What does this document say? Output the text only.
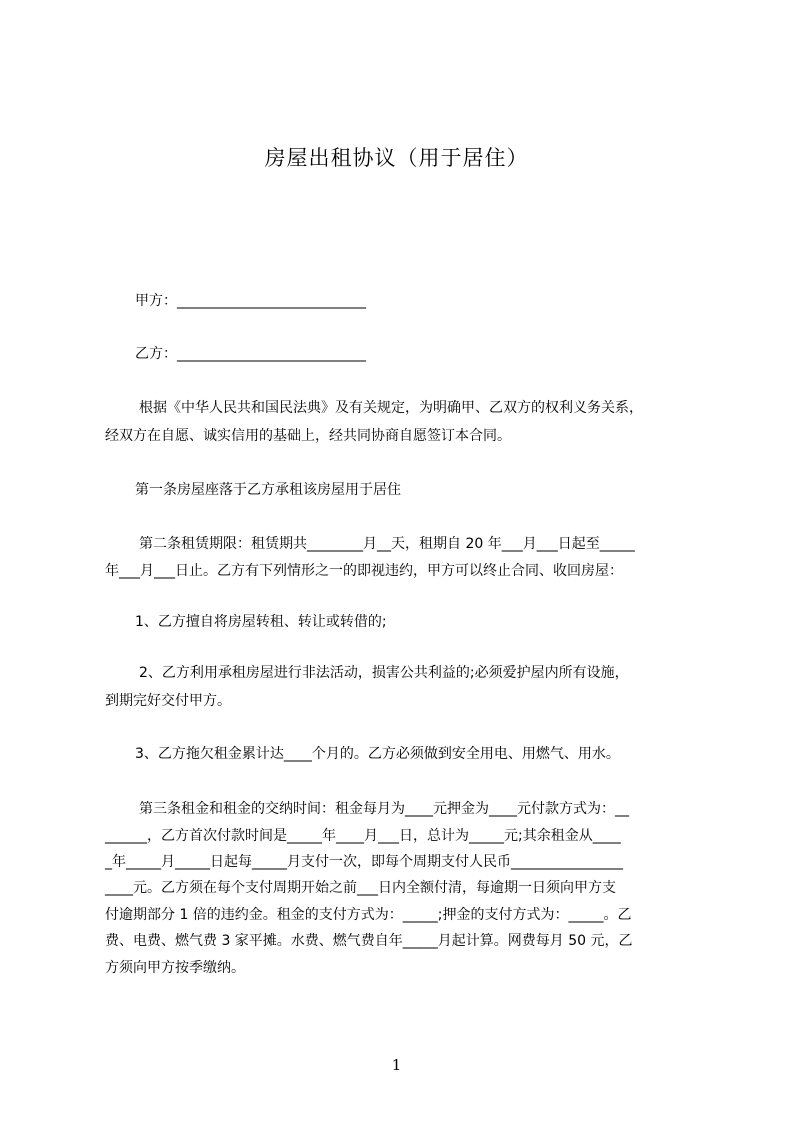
房屋出租协议（用于居住）
甲方：___________________________
乙方：___________________________
根据《中华人民共和国民法典》及有关规定，为明确甲、乙双方的权利义务关系，
经双方在自愿、诚实信用的基础上，经共同协商自愿签订本合同。
第一条房屋座落于乙方承租该房屋用于居住
第二条租赁期限：租赁期共________月__天，租期自 20 年___月___日起至_____
年___月___日止。乙方有下列情形之一的即视违约，甲方可以终止合同、收回房屋：
1、乙方擅自将房屋转租、转让或转借的;
2、乙方利用承租房屋进行非法活动，损害公共利益的;必须爱护屋内所有设施，
到期完好交付甲方。
3、乙方拖欠租金累计达____个月的。乙方必须做到安全用电、用燃气、用水。
第三条租金和租金的交纳时间：租金每月为____元押金为____元付款方式为：__
______，乙方首次付款时间是_____年____月___日，总计为_____元;其余租金从____
_年_____月_____日起每_____月支付一次，即每个周期支付人民币________________
____元。乙方须在每个支付周期开始之前___日内全额付清，每逾期一日须向甲方支
付逾期部分 1 倍的违约金。租金的支付方式为：_____;押金的支付方式为：_____。乙
费、电费、燃气费 3 家平摊。水费、燃气费自年_____月起计算。网费每月 50 元，乙
方须向甲方按季缴纳。
1
